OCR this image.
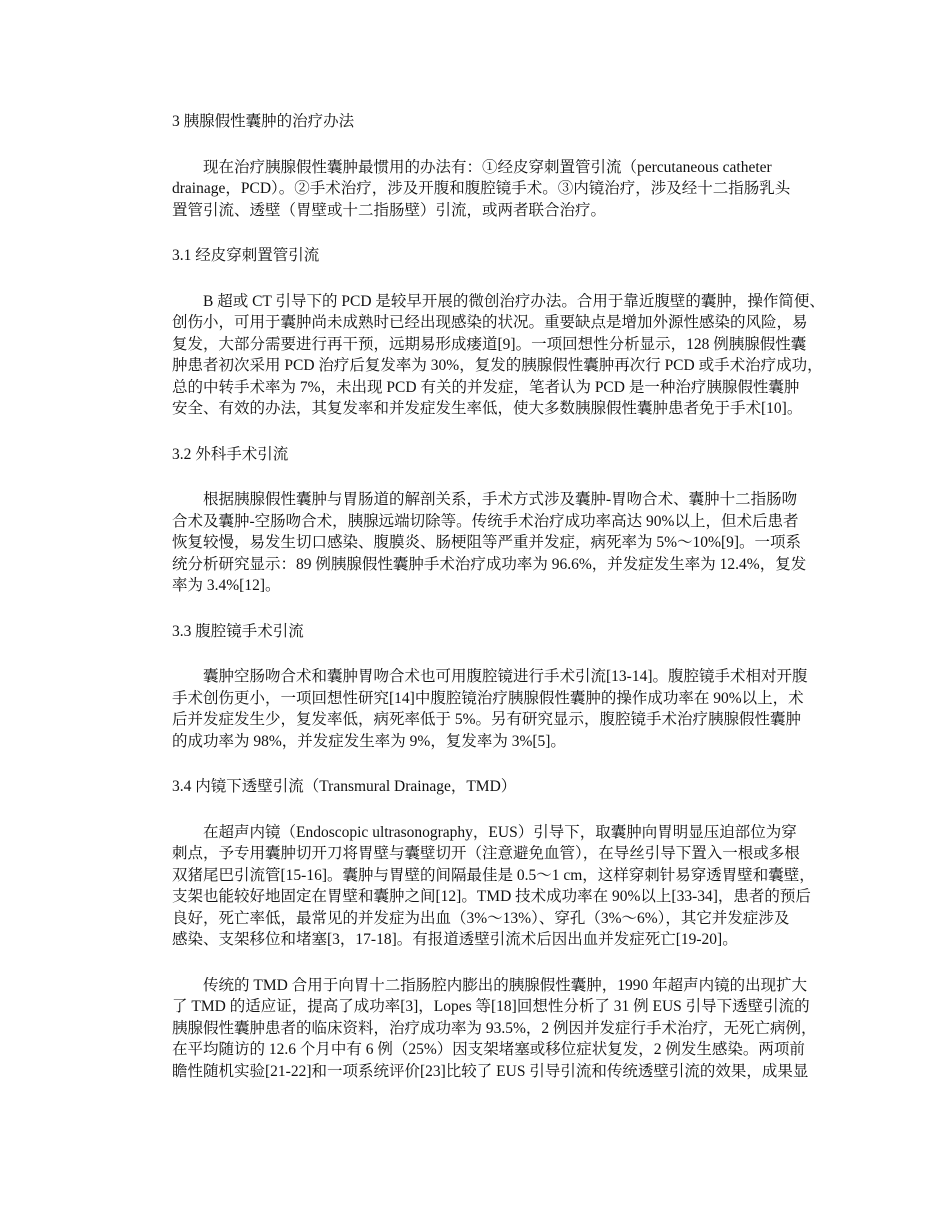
3 胰腺假性囊肿的治疗办法
现在治疗胰腺假性囊肿最惯用的办法有：①经皮穿刺置管引流（percutaneous catheter
drainage，PCD）。②手术治疗，涉及开腹和腹腔镜手术。③内镜治疗，涉及经十二指肠乳头
置管引流、透壁（胃壁或十二指肠壁）引流，或两者联合治疗。
3.1 经皮穿刺置管引流
B 超或 CT 引导下的 PCD 是较早开展的微创治疗办法。合用于靠近腹壁的囊肿，操作简便、
创伤小，可用于囊肿尚未成熟时已经出现感染的状况。重要缺点是增加外源性感染的风险，易
复发，大部分需要进行再干预，远期易形成瘘道[9]。一项回想性分析显示，128 例胰腺假性囊
肿患者初次采用 PCD 治疗后复发率为 30%，复发的胰腺假性囊肿再次行 PCD 或手术治疗成功，
总的中转手术率为 7%，未出现 PCD 有关的并发症，笔者认为 PCD 是一种治疗胰腺假性囊肿
安全、有效的办法，其复发率和并发症发生率低，使大多数胰腺假性囊肿患者免于手术[10]。
3.2 外科手术引流
根据胰腺假性囊肿与胃肠道的解剖关系，手术方式涉及囊肿-胃吻合术、囊肿十二指肠吻
合术及囊肿-空肠吻合术，胰腺远端切除等。传统手术治疗成功率高达 90%以上，但术后患者
恢复较慢，易发生切口感染、腹膜炎、肠梗阻等严重并发症，病死率为 5%～10%[9]。一项系
统分析研究显示：89 例胰腺假性囊肿手术治疗成功率为 96.6%，并发症发生率为 12.4%，复发
率为 3.4%[12]。
3.3 腹腔镜手术引流
囊肿空肠吻合术和囊肿胃吻合术也可用腹腔镜进行手术引流[13-14]。腹腔镜手术相对开腹
手术创伤更小，一项回想性研究[14]中腹腔镜治疗胰腺假性囊肿的操作成功率在 90%以上，术
后并发症发生少，复发率低，病死率低于 5%。另有研究显示，腹腔镜手术治疗胰腺假性囊肿
的成功率为 98%，并发症发生率为 9%，复发率为 3%[5]。
3.4 内镜下透壁引流（Transmural Drainage，TMD）
在超声内镜（Endoscopic ultrasonography，EUS）引导下，取囊肿向胃明显压迫部位为穿
刺点，予专用囊肿切开刀将胃壁与囊壁切开（注意避免血管），在导丝引导下置入一根或多根
双猪尾巴引流管[15-16]。囊肿与胃壁的间隔最佳是 0.5～1 cm，这样穿刺针易穿透胃壁和囊壁，
支架也能较好地固定在胃壁和囊肿之间[12]。TMD 技术成功率在 90%以上[33-34]，患者的预后
良好，死亡率低，最常见的并发症为出血（3%～13%）、穿孔（3%～6%），其它并发症涉及
感染、支架移位和堵塞[3，17-18]。有报道透壁引流术后因出血并发症死亡[19-20]。
传统的 TMD 合用于向胃十二指肠腔内膨出的胰腺假性囊肿，1990 年超声内镜的出现扩大
了 TMD 的适应证，提高了成功率[3]，Lopes 等[18]回想性分析了 31 例 EUS 引导下透壁引流的
胰腺假性囊肿患者的临床资料，治疗成功率为 93.5%，2 例因并发症行手术治疗，无死亡病例，
在平均随访的 12.6 个月中有 6 例（25%）因支架堵塞或移位症状复发，2 例发生感染。两项前
瞻性随机实验[21-22]和一项系统评价[23]比较了 EUS 引导引流和传统透壁引流的效果，成果显
